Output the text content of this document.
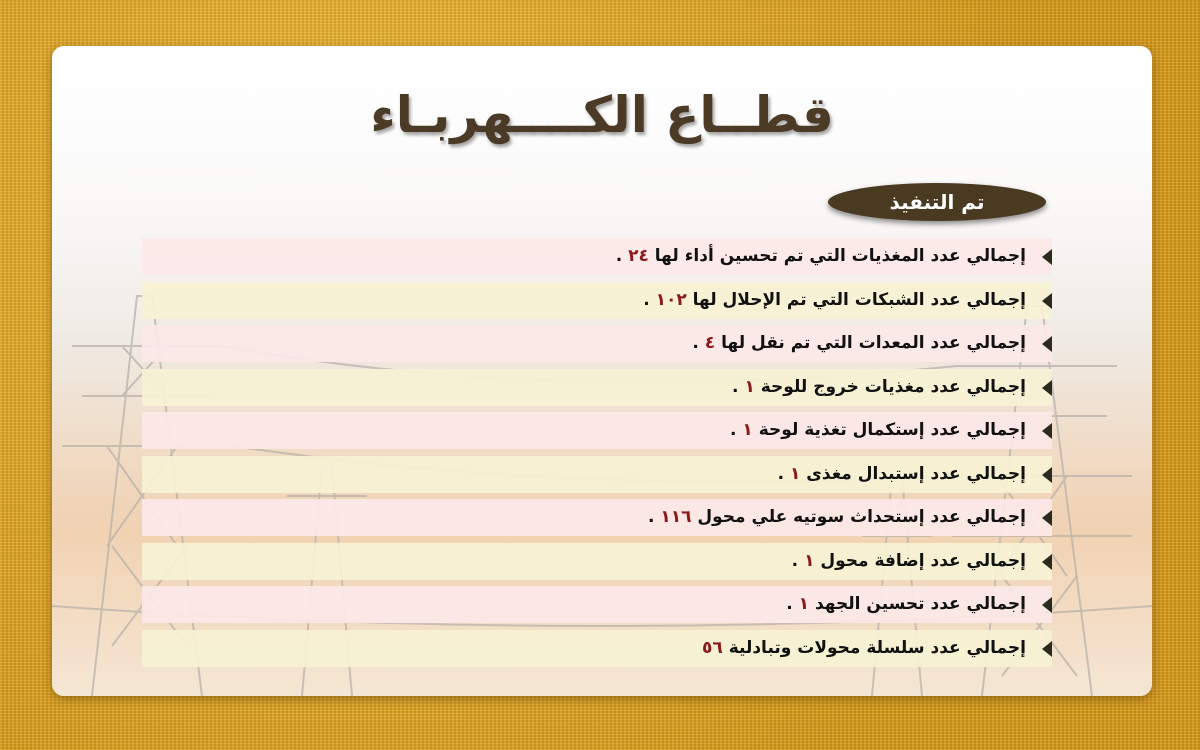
قطــاع الكــــهربـاء
تم التنفيذ
إجمالي عدد المغذيات التي تم تحسين أداء لها ٢٤ .
إجمالي عدد الشبكات التي تم الإحلال لها ١٠٢ .
إجمالي عدد المعدات التي تم نقل لها ٤ .
إجمالي عدد مغذيات خروج للوحة ١ .
إجمالي عدد إستكمال تغذية لوحة ١ .
إجمالي عدد إستبدال مغذى ١ .
إجمالي عدد إستحداث سوتيه علي محول ١١٦ .
إجمالي عدد إضافة محول ١ .
إجمالي عدد تحسين الجهد ١ .
إجمالي عدد سلسلة محولات وتبادلية ٥٦
